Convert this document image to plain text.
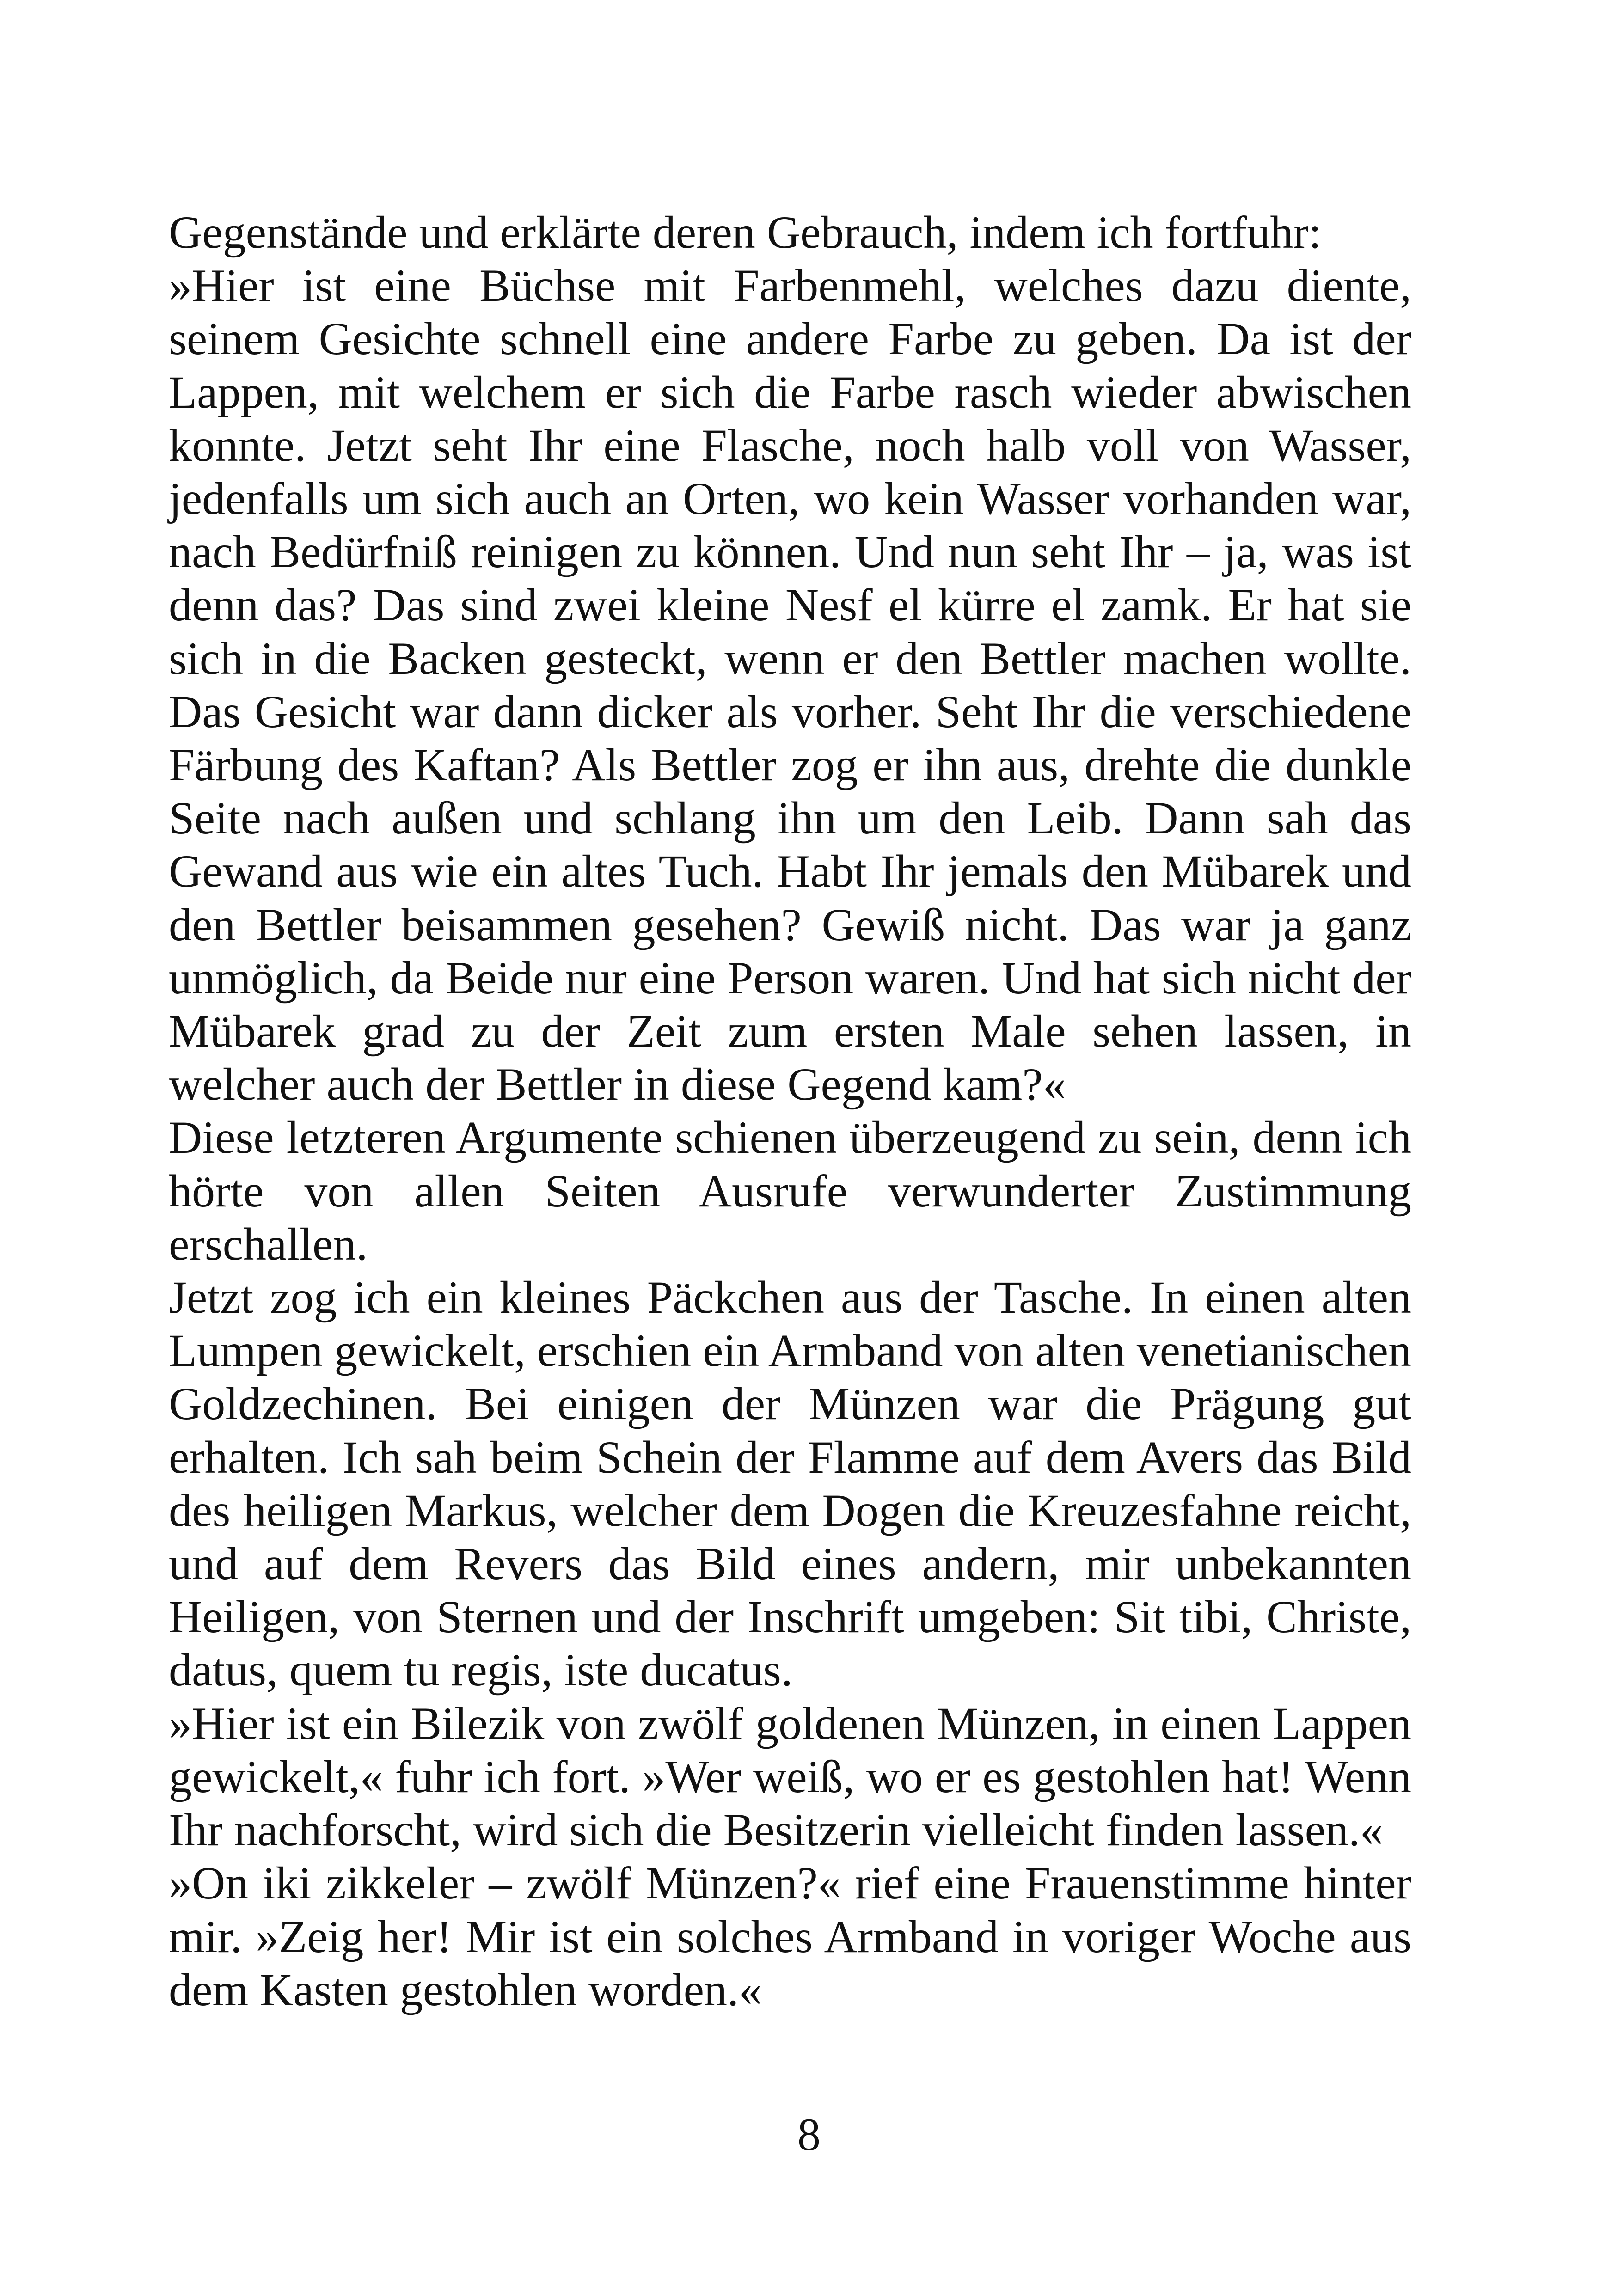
Gegenstände und erklärte deren Gebrauch, indem ich fortfuhr:

»Hier ist eine Büchse mit Farbenmehl, welches dazu diente, seinem Gesichte schnell eine andere Farbe zu geben. Da ist der Lappen, mit welchem er sich die Farbe rasch wieder abwischen konnte. Jetzt seht Ihr eine Flasche, noch halb voll von Wasser, jedenfalls um sich auch an Orten, wo kein Wasser vorhanden war, nach Bedürfniß reinigen zu können. Und nun seht Ihr – ja, was ist denn das? Das sind zwei kleine Nesf el kürre el zamk. Er hat sie sich in die Backen gesteckt, wenn er den Bettler machen wollte. Das Gesicht war dann dicker als vorher. Seht Ihr die verschiedene Färbung des Kaftan? Als Bettler zog er ihn aus, drehte die dunkle Seite nach außen und schlang ihn um den Leib. Dann sah das Gewand aus wie ein altes Tuch. Habt Ihr jemals den Mübarek und den Bettler beisammen gesehen? Gewiß nicht. Das war ja ganz unmöglich, da Beide nur eine Person waren. Und hat sich nicht der Mübarek grad zu der Zeit zum ersten Male sehen lassen, in welcher auch der Bettler in diese Gegend kam?«

Diese letzteren Argumente schienen überzeugend zu sein, denn ich hörte von allen Seiten Ausrufe verwunderter Zustimmung erschallen.

Jetzt zog ich ein kleines Päckchen aus der Tasche. In einen alten Lumpen gewickelt, erschien ein Armband von alten venetianischen Goldzechinen. Bei einigen der Münzen war die Prägung gut erhalten. Ich sah beim Schein der Flamme auf dem Avers das Bild des heiligen Markus, welcher dem Dogen die Kreuzesfahne reicht, und auf dem Revers das Bild eines andern, mir unbekannten Heiligen, von Sternen und der Inschrift umgeben: Sit tibi, Christe, datus, quem tu regis, iste ducatus.

»Hier ist ein Bilezik von zwölf goldenen Münzen, in einen Lappen gewickelt,« fuhr ich fort. »Wer weiß, wo er es gestohlen hat! Wenn Ihr nachforscht, wird sich die Besitzerin vielleicht finden lassen.«

»On iki zikkeler – zwölf Münzen?« rief eine Frauenstimme hinter mir. »Zeig her! Mir ist ein solches Armband in voriger Woche aus dem Kasten gestohlen worden.«

8
